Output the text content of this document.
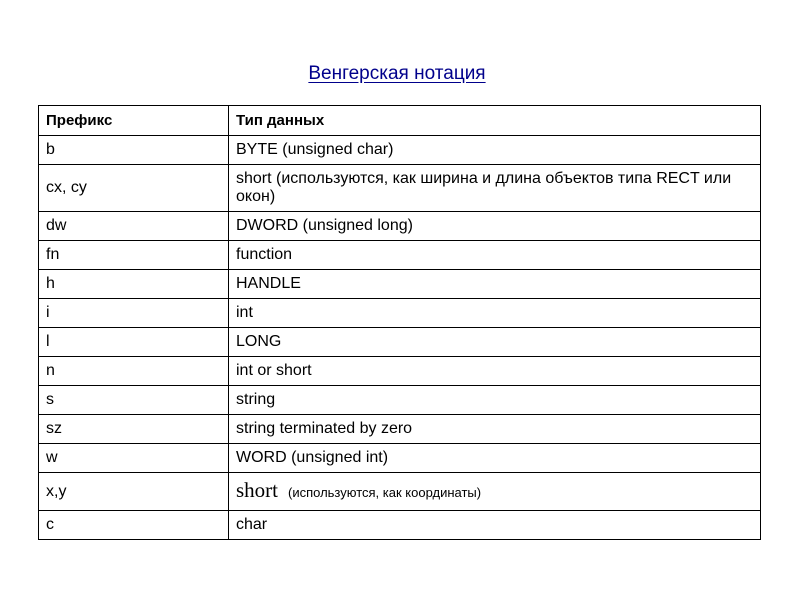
Венгерская нотация
Префикс	Тип данных
b	BYTE (unsigned char)
cx, cy	short (используются, как ширина и длина объектов типа RECT или окон)
dw	DWORD (unsigned long)
fn	function
h	HANDLE
i	int
l	LONG
n	int or short
s	string
sz	string terminated by zero
w	WORD (unsigned int)
x,y	short (используются, как координаты)
c	char
